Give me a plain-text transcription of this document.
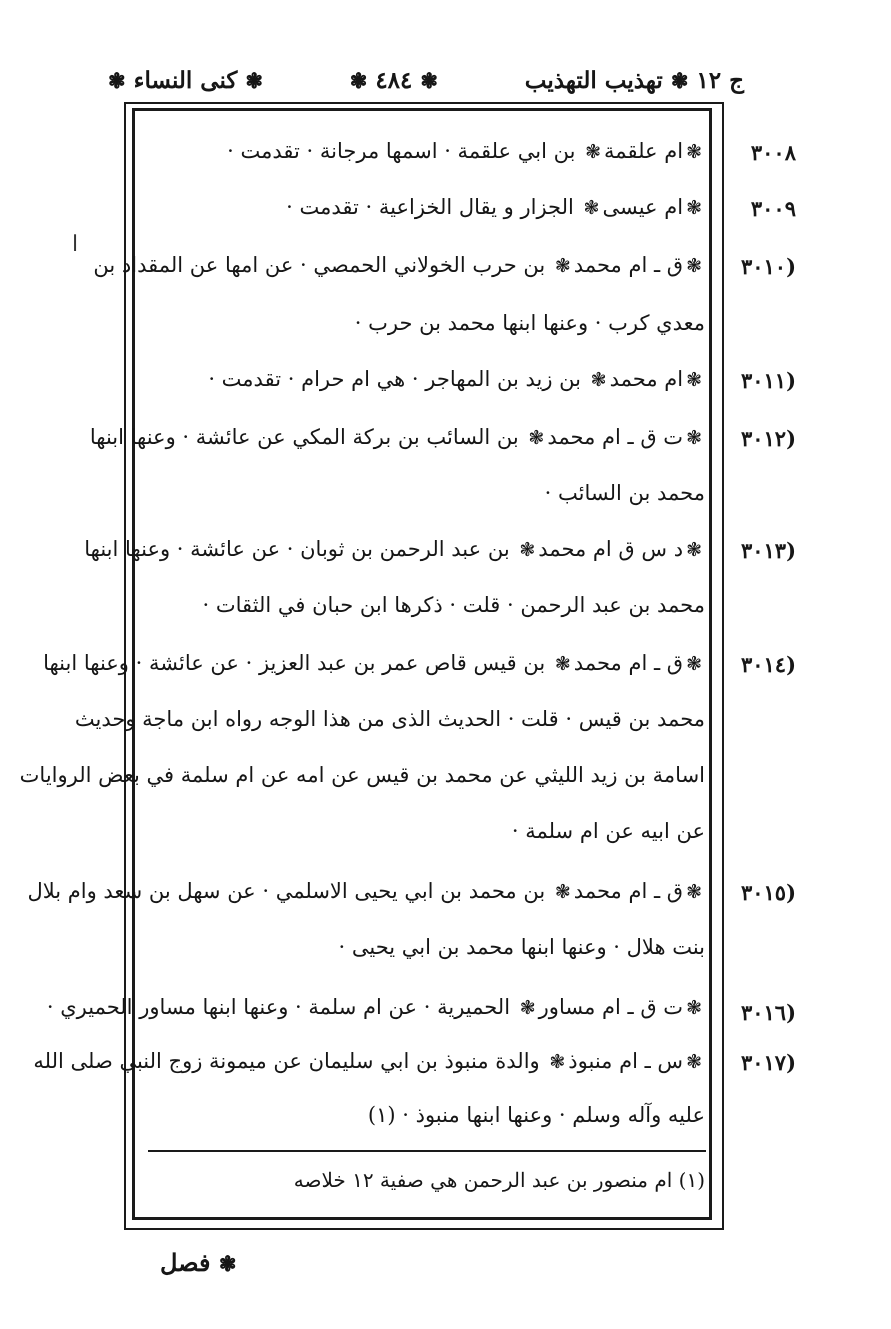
ا
ج ١٢
❃
تهذيب التهذيب
❃
٤٨٤
❃
❃
كنى النساء
❃
٣٠٠٨
❃ام علقمة❃ بن ابي علقمة · اسمها مرجانة · تقدمت ·
٣٠٠٩
❃ام عيسى❃ الجزار و يقال الخزاعية · تقدمت ·
(٣٠١٠
❃ق ـ ام محمد❃ بن حرب الخولاني الحمصي · عن امها عن المقداد بن
معدي كرب · وعنها ابنها محمد بن حرب ·
(٣٠١١
❃ام محمد❃ بن زيد بن المهاجر · هي ام حرام · تقدمت ·
(٣٠١٢
❃ت ق ـ ام محمد❃ بن السائب بن بركة المكي عن عائشة · وعنها ابنها
محمد بن السائب ·
(٣٠١٣
❃د س ق ام محمد❃ بن عبد الرحمن بن ثوبان · عن عائشة · وعنها ابنها
محمد بن عبد الرحمن · قلت · ذكرها ابن حبان في الثقات ·
(٣٠١٤
❃ق ـ ام محمد❃ بن قيس قاص عمر بن عبد العزيز · عن عائشة · وعنها ابنها
محمد بن قيس · قلت · الحديث الذى من هذا الوجه رواه ابن ماجة وحديث
اسامة بن زيد الليثي عن محمد بن قيس عن امه عن ام سلمة في بعض الروايات
عن ابيه عن ام سلمة ·
(٣٠١٥
❃ق ـ ام محمد❃ بن محمد بن ابي يحيى الاسلمي · عن سهل بن سعد وام بلال
بنت هلال · وعنها ابنها محمد بن ابي يحيى ·
(٣٠١٦
❃ت ق ـ ام مساور❃ الحميرية · عن ام سلمة · وعنها ابنها مساور الحميري ·
(٣٠١٧
❃س ـ ام منبوذ❃ والدة منبوذ بن ابي سليمان عن ميمونة زوج النبي صلى الله
عليه وآله وسلم · وعنها ابنها منبوذ · (١)
(١) ام منصور بن عبد الرحمن هي صفية ١٢ خلاصه
❃ فصل
